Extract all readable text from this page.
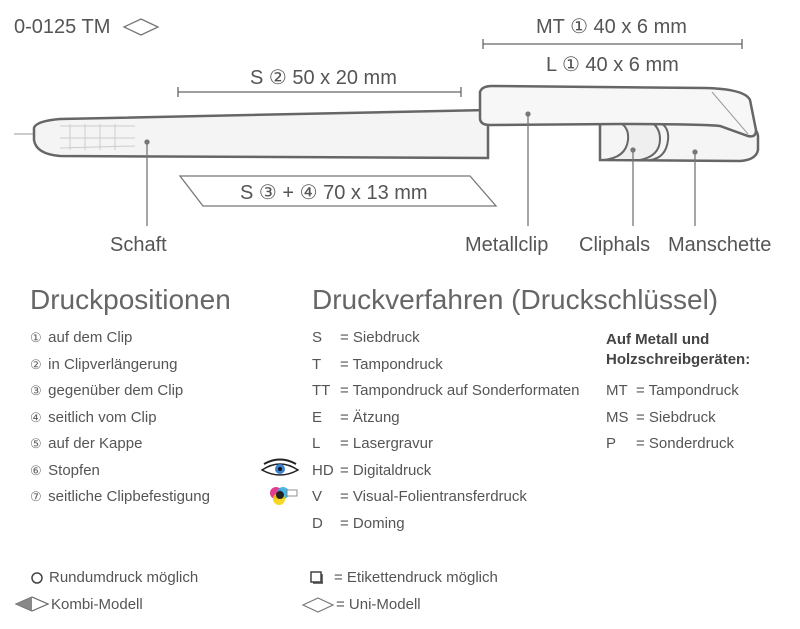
0-0125 TM	MT ① 40 x 6 mm
L ① 40 x 6 mm
S ② 50 x 20 mm
S ③ + ④ 70 x 13 mm
Schaft	Metallclip Cliphals Manschette
Druckpositionen
① auf dem Clip
② in Clipverlängerung
③ gegenüber dem Clip
④ seitlich vom Clip
⑤ auf der Kappe
⑥ Stopfen
⑦ seitliche Clipbefestigung
Druckverfahren (Druckschlüssel)
S = Siebdruck
T = Tampondruck
TT = Tampondruck auf Sonderformaten
E = Ätzung
L = Lasergravur
HD = Digitaldruck
V = Visual-Folientransferdruck
D = Doming
Auf Metall und
Holzschreibgeräten:
MT = Tampondruck
MS = Siebdruck
P = Sonderdruck
Rundumdruck möglich
Kombi-Modell
= Etikettendruck möglich
= Uni-Modell
